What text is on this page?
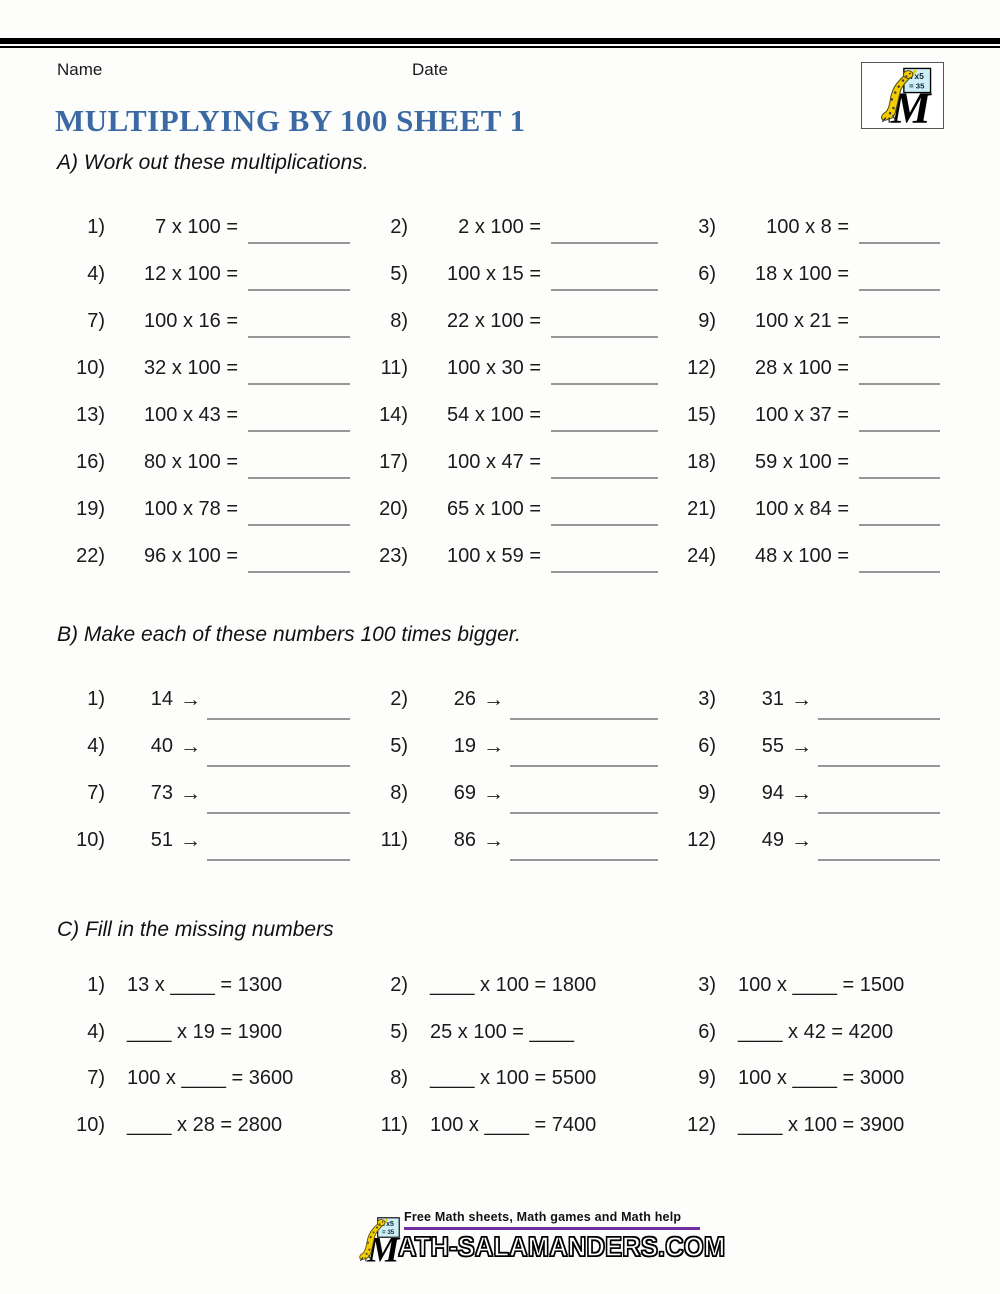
Name	Date
MULTIPLYING BY 100 SHEET 1
A) Work out these multiplications.
1)	7 x 100 =	2)	2 x 100 =	3)	100 x 8 =
4)	12 x 100 =	5)	100 x 15 =	6)	18 x 100 =
7)	100 x 16 =	8)	22 x 100 =	9)	100 x 21 =
10)	32 x 100 =	11)	100 x 30 =	12)	28 x 100 =
13)	100 x 43 =	14)	54 x 100 =	15)	100 x 37 =
16)	80 x 100 =	17)	100 x 47 =	18)	59 x 100 =
19)	100 x 78 =	20)	65 x 100 =	21)	100 x 84 =
22)	96 x 100 =	23)	100 x 59 =	24)	48 x 100 =
B) Make each of these numbers 100 times bigger.
1)	14 →	2)	26 →	3)	31 →
4)	40 →	5)	19 →	6)	55 →
7)	73 →	8)	69 →	9)	94 →
10)	51 →	11)	86 →	12)	49 →
C) Fill in the missing numbers
1)	13 x ____ = 1300	2)	____ x 100 = 1800	3)	100 x ____ = 1500
4)	____ x 19 = 1900	5)	25 x 100 = ____	6)	____ x 42 = 4200
7)	100 x ____ = 3600	8)	____ x 100 = 5500	9)	100 x ____ = 3000
10)	____ x 28 = 2800	11)	100 x ____ = 7400	12)	____ x 100 = 3900
Free Math sheets, Math games and Math help
ATH-SALAMANDERS.COM
